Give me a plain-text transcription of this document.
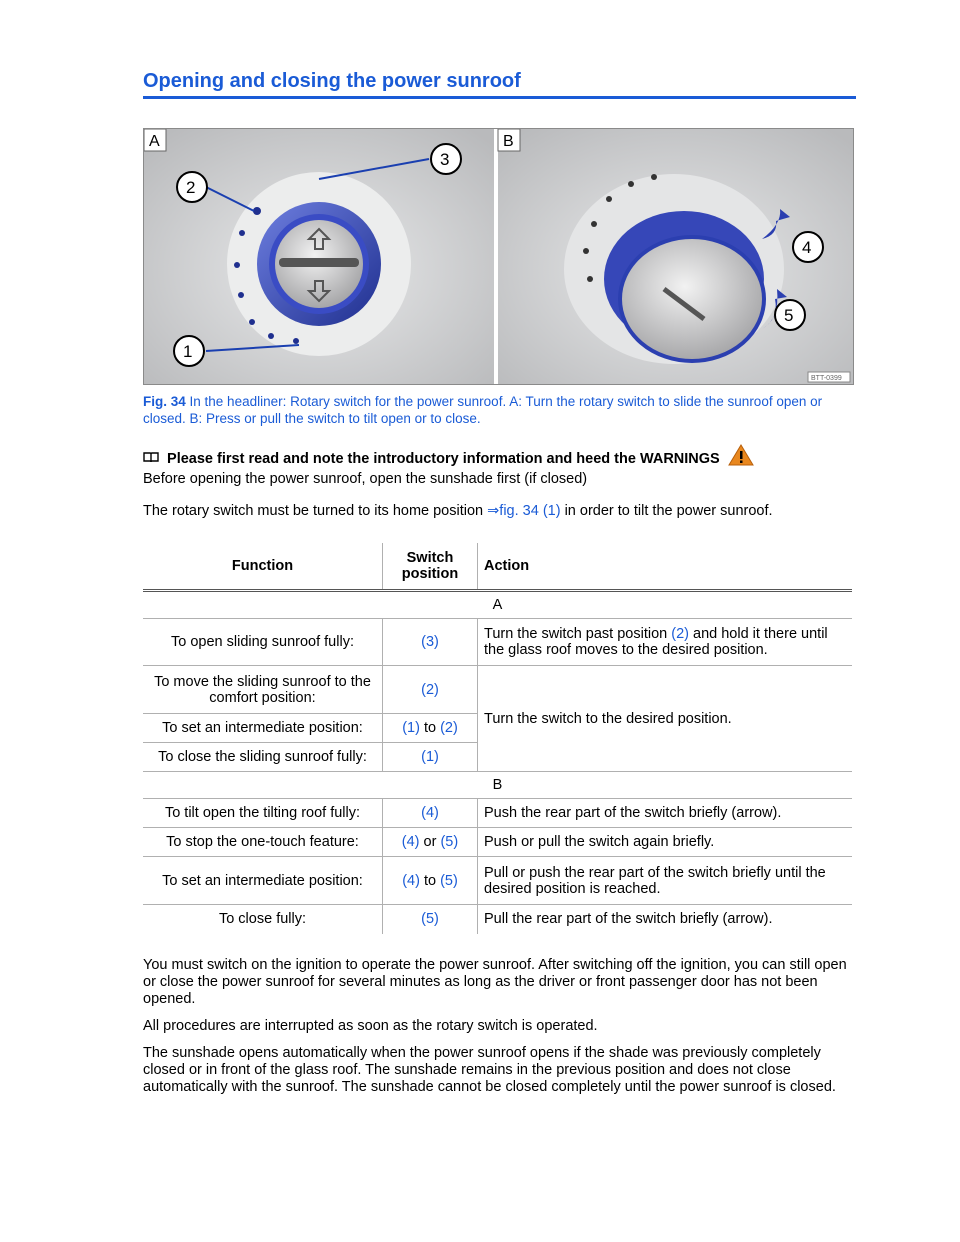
Opening and closing the power sunroof
A
2
3
1
B
4
5
BTT-0399
Fig. 34 In the headliner: Rotary switch for the power sunroof. A: Turn the rotary switch to slide the sunroof open or closed. B: Press or pull the switch to tilt open or to close.
Please first read and note the introductory information and heed the WARNINGS
Before opening the power sunroof, open the sunshade first (if closed)
The rotary switch must be turned to its home position ⇒fig. 34 (1) in order to tilt the power sunroof.
Function	Switch position	Action
A		
To open sliding sunroof fully:	(3)	Turn the switch past position (2) and hold it there until the glass roof moves to the desired position.
To move the sliding sunroof to the comfort position:	(2)	Turn the switch to the desired position.
To set an intermediate position:	(1) to (2)	
To close the sliding sunroof fully:	(1)	
B		
To tilt open the tilting roof fully:	(4)	Push the rear part of the switch briefly (arrow).
To stop the one-touch feature:	(4) or (5)	Push or pull the switch again briefly.
To set an intermediate position:	(4) to (5)	Pull or push the rear part of the switch briefly until the desired position is reached.
To close fully:	(5)	Pull the rear part of the switch briefly (arrow).
You must switch on the ignition to operate the power sunroof. After switching off the ignition, you can still open or close the power sunroof for several minutes as long as the driver or front passenger door has not been opened.
All procedures are interrupted as soon as the rotary switch is operated.
The sunshade opens automatically when the power sunroof opens if the shade was previously completely closed or in front of the glass roof. The sunshade remains in the previous position and does not close automatically with the sunroof. The sunshade cannot be closed completely until the power sunroof is closed.
